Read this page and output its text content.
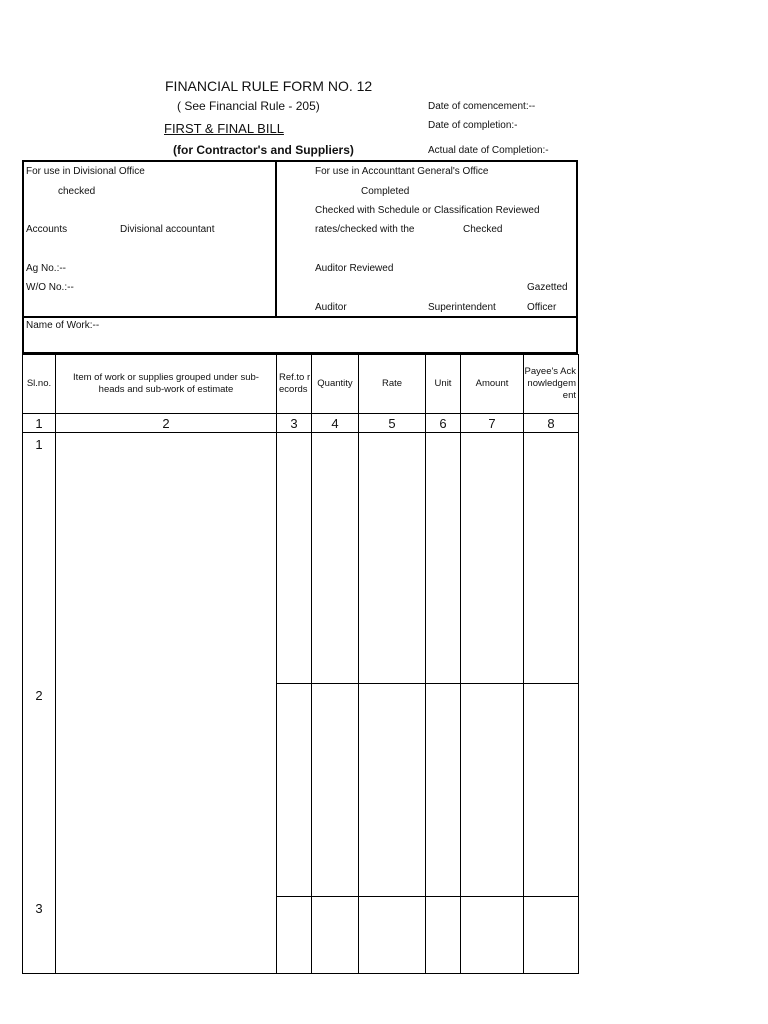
FINANCIAL RULE FORM NO. 12
( See Financial Rule - 205)
FIRST & FINAL BILL
(for Contractor's and Suppliers)
Date of comencement:--
Date of completion:-
Actual date of Completion:-
For use in Divisional Office
checked
Accounts	Divisional accountant
Ag No.:--
W/O No.:--
For use in Accounttant General's Office
Completed
Checked with Schedule or Classification Reviewed
rates/checked with the	Checked
Auditor Reviewed
Gazetted
Auditor	Superintendent	Officer
Name of Work:--
Sl.no.	Item of work or supplies grouped under sub-heads and sub-work of estimate	Ref.to records	Quantity	Rate	Unit	Amount	Payee's Acknowledgement
1	2	3	4	5	6	7	8
1							
2							
3							
